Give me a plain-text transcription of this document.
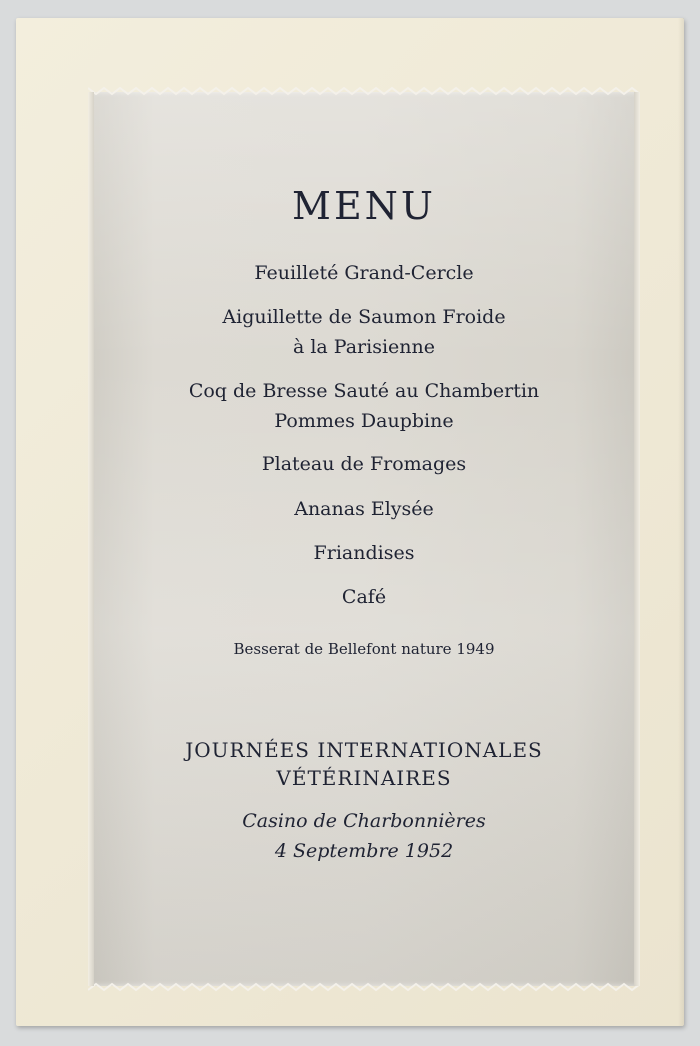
MENU
Feuilleté Grand-Cercle
Aiguillette de Saumon Froide
à la Parisienne
Coq de Bresse Sauté au Chambertin
Pommes Daupbine
Plateau de Fromages
Ananas Elysée
Friandises
Café
Besserat de Bellefont nature 1949
JOURNÉES INTERNATIONALES
VÉTÉRINAIRES
Casino de Charbonnières
4 Septembre 1952
